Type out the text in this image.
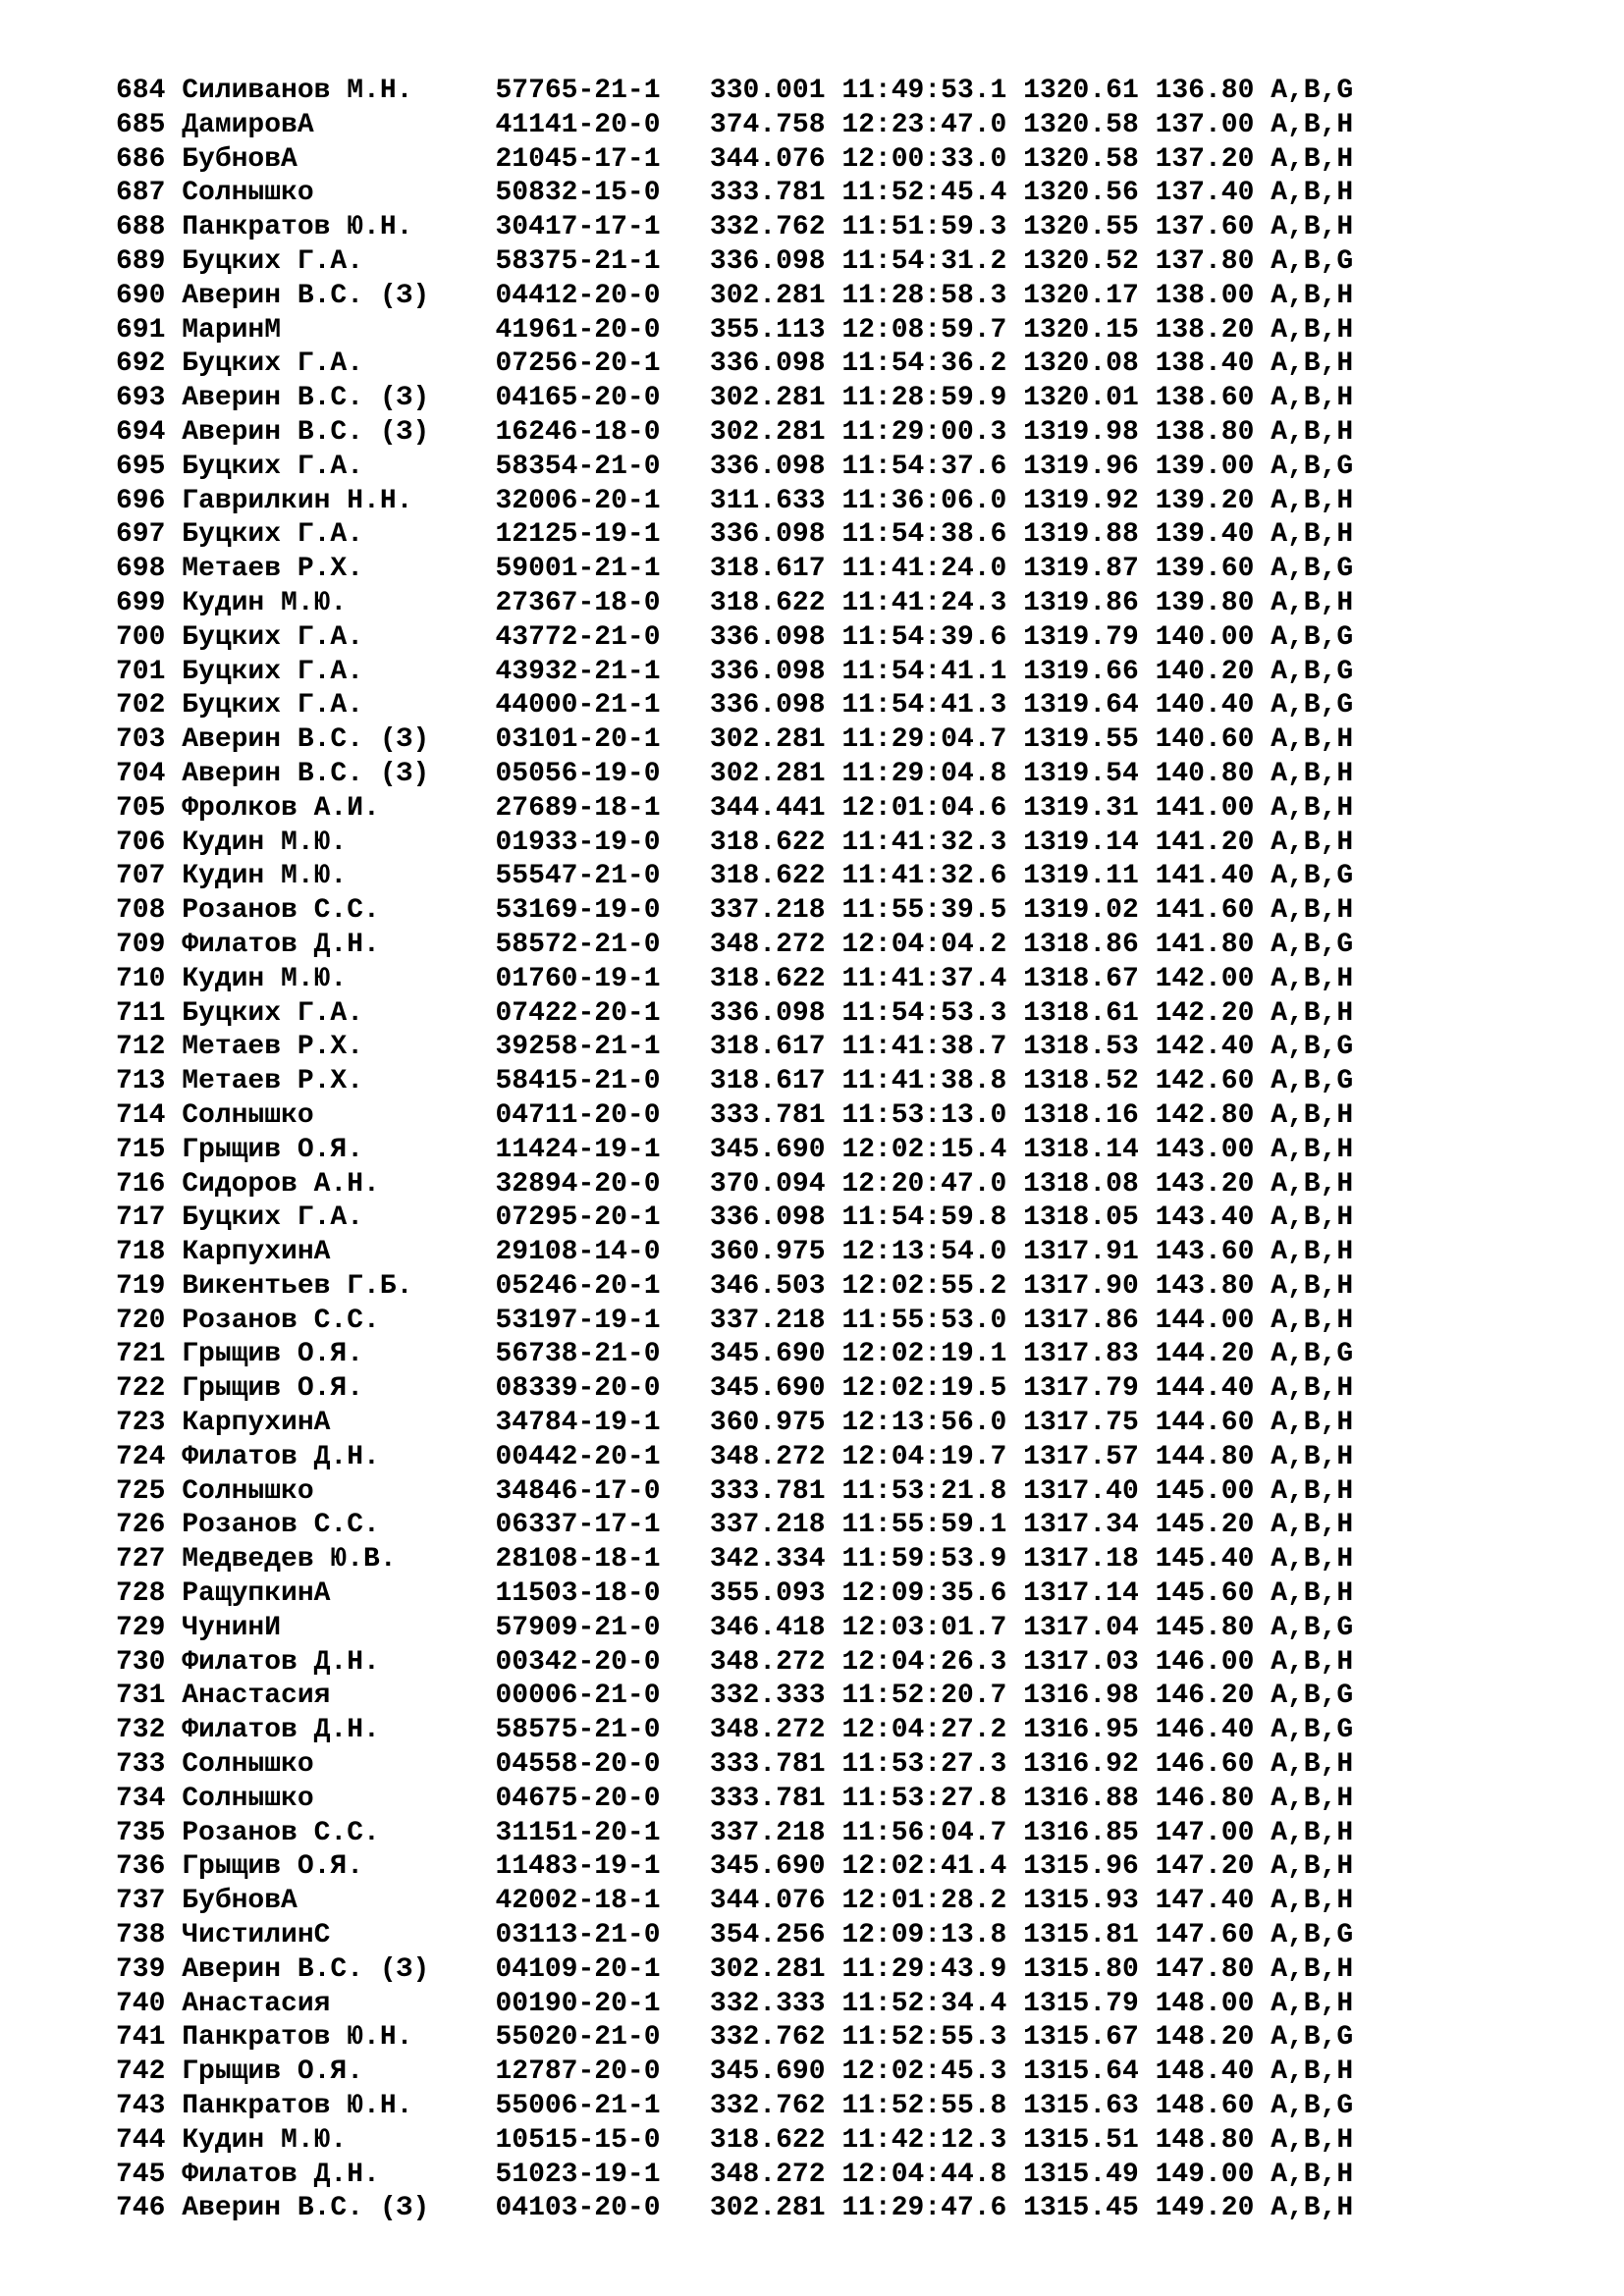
684 Силиванов М.Н.     57765-21-1   330.001 11:49:53.1 1320.61 136.80 A,B,G
685 ДамировА           41141-20-0   374.758 12:23:47.0 1320.58 137.00 A,B,H
686 БубновА            21045-17-1   344.076 12:00:33.0 1320.58 137.20 A,B,H
687 Солнышко           50832-15-0   333.781 11:52:45.4 1320.56 137.40 A,B,H
688 Панкратов Ю.Н.     30417-17-1   332.762 11:51:59.3 1320.55 137.60 A,B,H
689 Буцких Г.А.        58375-21-1   336.098 11:54:31.2 1320.52 137.80 A,B,G
690 Аверин В.С. (З)    04412-20-0   302.281 11:28:58.3 1320.17 138.00 A,B,H
691 МаринМ             41961-20-0   355.113 12:08:59.7 1320.15 138.20 A,B,H
692 Буцких Г.А.        07256-20-1   336.098 11:54:36.2 1320.08 138.40 A,B,H
693 Аверин В.С. (З)    04165-20-0   302.281 11:28:59.9 1320.01 138.60 A,B,H
694 Аверин В.С. (З)    16246-18-0   302.281 11:29:00.3 1319.98 138.80 A,B,H
695 Буцких Г.А.        58354-21-0   336.098 11:54:37.6 1319.96 139.00 A,B,G
696 Гаврилкин Н.Н.     32006-20-1   311.633 11:36:06.0 1319.92 139.20 A,B,H
697 Буцких Г.А.        12125-19-1   336.098 11:54:38.6 1319.88 139.40 A,B,H
698 Метаев Р.Х.        59001-21-1   318.617 11:41:24.0 1319.87 139.60 A,B,G
699 Кудин М.Ю.         27367-18-0   318.622 11:41:24.3 1319.86 139.80 A,B,H
700 Буцких Г.А.        43772-21-0   336.098 11:54:39.6 1319.79 140.00 A,B,G
701 Буцких Г.А.        43932-21-1   336.098 11:54:41.1 1319.66 140.20 A,B,G
702 Буцких Г.А.        44000-21-1   336.098 11:54:41.3 1319.64 140.40 A,B,G
703 Аверин В.С. (З)    03101-20-1   302.281 11:29:04.7 1319.55 140.60 A,B,H
704 Аверин В.С. (З)    05056-19-0   302.281 11:29:04.8 1319.54 140.80 A,B,H
705 Фролков А.И.       27689-18-1   344.441 12:01:04.6 1319.31 141.00 A,B,H
706 Кудин М.Ю.         01933-19-0   318.622 11:41:32.3 1319.14 141.20 A,B,H
707 Кудин М.Ю.         55547-21-0   318.622 11:41:32.6 1319.11 141.40 A,B,G
708 Розанов С.С.       53169-19-0   337.218 11:55:39.5 1319.02 141.60 A,B,H
709 Филатов Д.Н.       58572-21-0   348.272 12:04:04.2 1318.86 141.80 A,B,G
710 Кудин М.Ю.         01760-19-1   318.622 11:41:37.4 1318.67 142.00 A,B,H
711 Буцких Г.А.        07422-20-1   336.098 11:54:53.3 1318.61 142.20 A,B,H
712 Метаев Р.Х.        39258-21-1   318.617 11:41:38.7 1318.53 142.40 A,B,G
713 Метаев Р.Х.        58415-21-0   318.617 11:41:38.8 1318.52 142.60 A,B,G
714 Солнышко           04711-20-0   333.781 11:53:13.0 1318.16 142.80 A,B,H
715 Грыщив О.Я.        11424-19-1   345.690 12:02:15.4 1318.14 143.00 A,B,H
716 Сидоров А.Н.       32894-20-0   370.094 12:20:47.0 1318.08 143.20 A,B,H
717 Буцких Г.А.        07295-20-1   336.098 11:54:59.8 1318.05 143.40 A,B,H
718 КарпухинА          29108-14-0   360.975 12:13:54.0 1317.91 143.60 A,B,H
719 Викентьев Г.Б.     05246-20-1   346.503 12:02:55.2 1317.90 143.80 A,B,H
720 Розанов С.С.       53197-19-1   337.218 11:55:53.0 1317.86 144.00 A,B,H
721 Грыщив О.Я.        56738-21-0   345.690 12:02:19.1 1317.83 144.20 A,B,G
722 Грыщив О.Я.        08339-20-0   345.690 12:02:19.5 1317.79 144.40 A,B,H
723 КарпухинА          34784-19-1   360.975 12:13:56.0 1317.75 144.60 A,B,H
724 Филатов Д.Н.       00442-20-1   348.272 12:04:19.7 1317.57 144.80 A,B,H
725 Солнышко           34846-17-0   333.781 11:53:21.8 1317.40 145.00 A,B,H
726 Розанов С.С.       06337-17-1   337.218 11:55:59.1 1317.34 145.20 A,B,H
727 Медведев Ю.В.      28108-18-1   342.334 11:59:53.9 1317.18 145.40 A,B,H
728 РащупкинА          11503-18-0   355.093 12:09:35.6 1317.14 145.60 A,B,H
729 ЧунинИ             57909-21-0   346.418 12:03:01.7 1317.04 145.80 A,B,G
730 Филатов Д.Н.       00342-20-0   348.272 12:04:26.3 1317.03 146.00 A,B,H
731 Анастасия          00006-21-0   332.333 11:52:20.7 1316.98 146.20 A,B,G
732 Филатов Д.Н.       58575-21-0   348.272 12:04:27.2 1316.95 146.40 A,B,G
733 Солнышко           04558-20-0   333.781 11:53:27.3 1316.92 146.60 A,B,H
734 Солнышко           04675-20-0   333.781 11:53:27.8 1316.88 146.80 A,B,H
735 Розанов С.С.       31151-20-1   337.218 11:56:04.7 1316.85 147.00 A,B,H
736 Грыщив О.Я.        11483-19-1   345.690 12:02:41.4 1315.96 147.20 A,B,H
737 БубновА            42002-18-1   344.076 12:01:28.2 1315.93 147.40 A,B,H
738 ЧистилинС          03113-21-0   354.256 12:09:13.8 1315.81 147.60 A,B,G
739 Аверин В.С. (З)    04109-20-1   302.281 11:29:43.9 1315.80 147.80 A,B,H
740 Анастасия          00190-20-1   332.333 11:52:34.4 1315.79 148.00 A,B,H
741 Панкратов Ю.Н.     55020-21-0   332.762 11:52:55.3 1315.67 148.20 A,B,G
742 Грыщив О.Я.        12787-20-0   345.690 12:02:45.3 1315.64 148.40 A,B,H
743 Панкратов Ю.Н.     55006-21-1   332.762 11:52:55.8 1315.63 148.60 A,B,G
744 Кудин М.Ю.         10515-15-0   318.622 11:42:12.3 1315.51 148.80 A,B,H
745 Филатов Д.Н.       51023-19-1   348.272 12:04:44.8 1315.49 149.00 A,B,H
746 Аверин В.С. (З)    04103-20-0   302.281 11:29:47.6 1315.45 149.20 A,B,H
